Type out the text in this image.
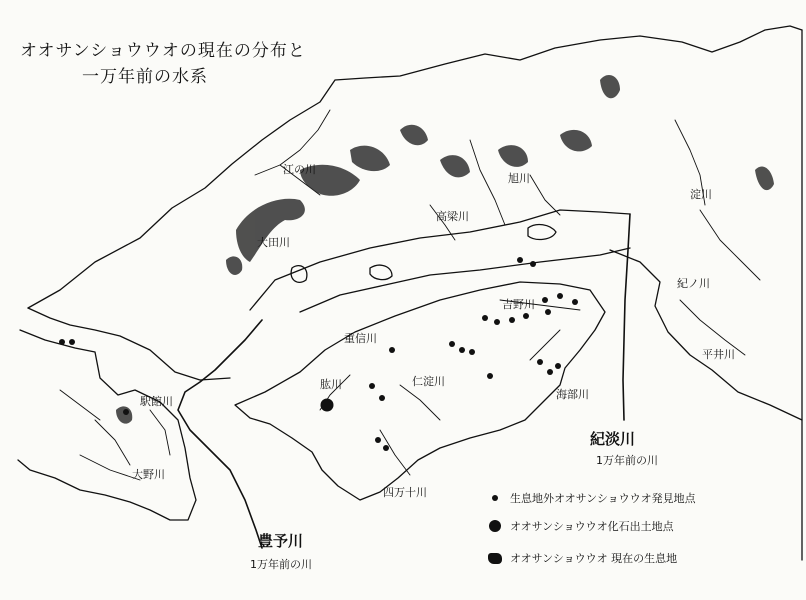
オオサンショウウオの現在の分布と
一万年前の水系
江の川
旭川
高梁川
大田川
淀川
紀ノ川
吉野川
重信川
平井川
肱川	仁淀川
海部川
駅館川
大野川
四万十川
紀淡川
1万年前の川
豊予川
1万年前の川
生息地外オオサンショウウオ発見地点
オオサンショウウオ化石出土地点
オオサンショウウオ 現在の生息地
